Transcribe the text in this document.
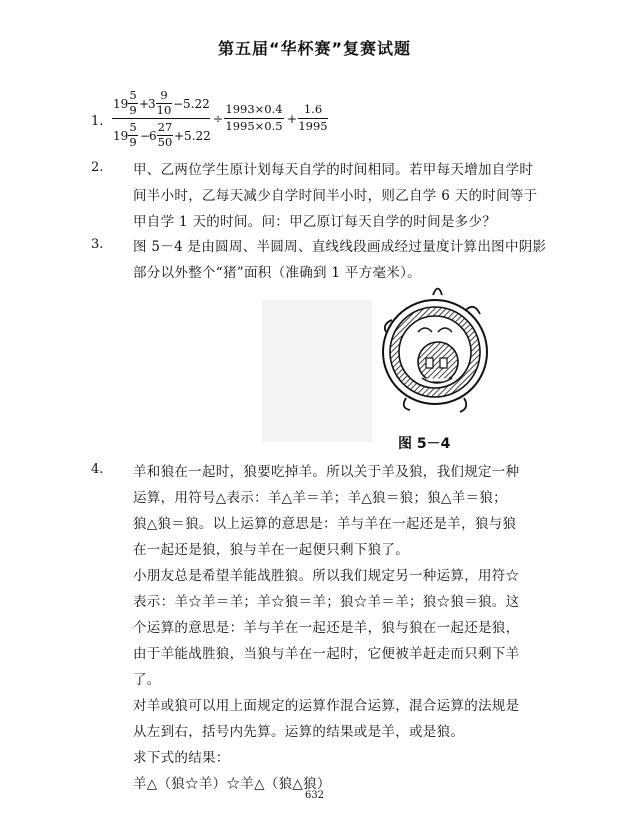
第五届“华杯赛”复赛试题
1.
19
5
9 +
3
9
10 −5.22
19
5
9 −
6
27
50 +5.22
÷
1993×0.4
1995×0.5 +
1.6
1995
2. 甲、乙两位学生原计划每天自学的时间相同。若甲每天增加自学时
间半小时，乙每天减少自学时间半小时，则乙自学 6 天的时间等于
甲自学 1 天的时间。问：甲乙原订每天自学的时间是多少？
3. 图 5－4 是由圆周、半圆周、直线线段画成经过量度计算出图中阴影
部分以外整个“猪”面积（准确到 1 平方毫米）。
图 5－4
4. 羊和狼在一起时，狼要吃掉羊。所以关于羊及狼，我们规定一种
运算，用符号△表示：羊△羊＝羊；羊△狼＝狼；狼△羊＝狼；
狼△狼＝狼。以上运算的意思是：羊与羊在一起还是羊，狼与狼
在一起还是狼，狼与羊在一起便只剩下狼了。
小朋友总是希望羊能战胜狼。所以我们规定另一种运算，用符☆
表示：羊☆羊＝羊；羊☆狼＝羊；狼☆羊＝羊；狼☆狼＝狼。这
个运算的意思是：羊与羊在一起还是羊，狼与狼在一起还是狼，
由于羊能战胜狼，当狼与羊在一起时，它便被羊赶走而只剩下羊
了。
对羊或狼可以用上面规定的运算作混合运算，混合运算的法规是
从左到右，括号内先算。运算的结果或是羊，或是狼。
求下式的结果：
羊△（狼☆羊）☆羊△（狼△狼）
632
